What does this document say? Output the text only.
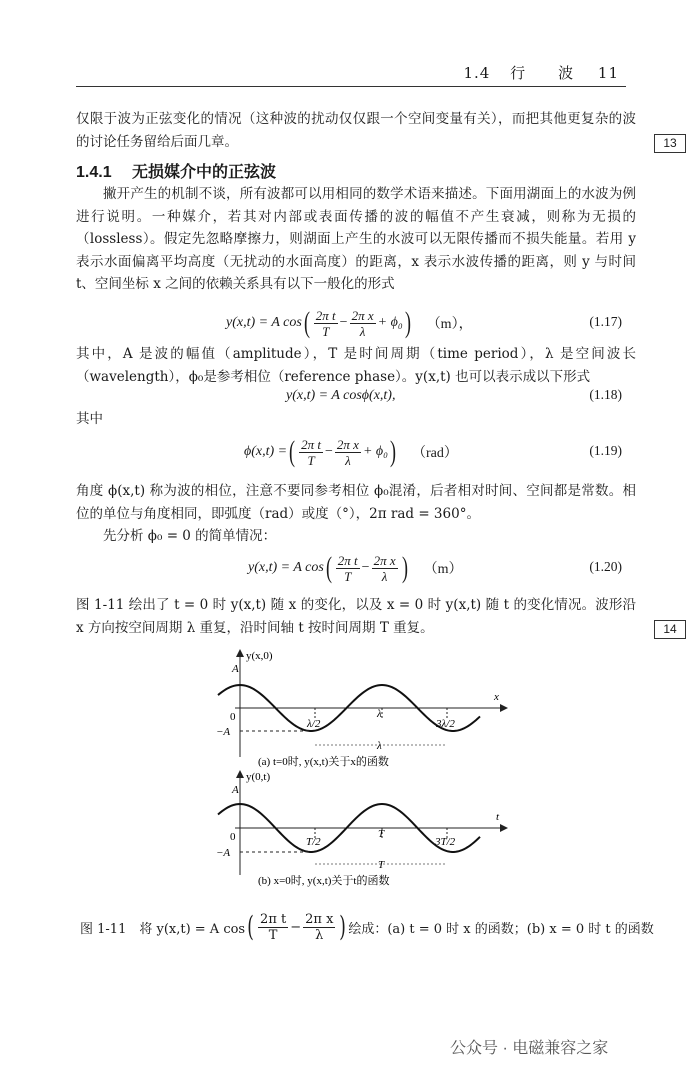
1.4 行　　波 11
仅限于波为正弦变化的情况（这种波的扰动仅仅跟一个空间变量有关），而把其他更复杂的波的讨论任务留给后面几章。	13
1.4.1 无损媒介中的正弦波
撇开产生的机制不谈，所有波都可以用相同的数学术语来描述。下面用湖面上的水波为例进行说明。一种媒介，若其对内部或表面传播的波的幅值不产生衰减，则称为无损的（lossless）。假定先忽略摩擦力，则湖面上产生的水波可以无限传播而不损失能量。若用 y 表示水面偏离平均高度（无扰动的水面高度）的距离，x 表示水波传播的距离，则 y 与时间 t、空间坐标 x 之间的依赖关系具有以下一般化的形式
y(x,t) = A cos ( $\frac{\text{2π t}}{T} - \frac{\text{2π x}}{\lambda} + \phi_0$ ) （m），	(1.17)
其中，A 是波的幅值（amplitude），T 是时间周期（time period），λ 是空间波长（wavelength），ϕ₀是参考相位（reference phase）。y(x,t) 也可以表示成以下形式
y(x,t) = A cosϕ(x,t),	(1.18)
其中
ϕ(x,t) = ( $\frac{\text{2π t}}{T} - \frac{\text{2π x}}{\lambda} + \phi_0$ ) （rad）	(1.19)
角度 ϕ(x,t) 称为波的相位，注意不要同参考相位 ϕ₀混淆，后者相对时间、空间都是常数。相位的单位与角度相同，即弧度（rad）或度（°），2π rad = 360°。
先分析 ϕ₀ = 0 的简单情况：
y(x,t) = A cos ( $\frac{\text{2π t}}{T} - \frac{\text{2π x}}{\lambda}$ ) （m）	(1.20)
图 1-11 绘出了 t = 0 时 y(x,t) 随 x 的变化，以及 x = 0 时 y(x,t) 随 t 的变化情况。波形沿 x 方向按空间周期 λ 重复，沿时间轴 t 按时间周期 T 重复。	14
A
y(x,0)
x
0
−A
λ/2
λ
3λ/2
λ
(a) t=0时, y(x,t)关于x的函数
A
y(0,t)
t
0
−A
T/2
T
3T/2
T
(b) x=0时, y(x,t)关于t的函数
图 1-11　将 y(x,t) = A cos ( $\frac{\text{2π t}}{T} - \frac{\text{2π x}}{\lambda}$ ) 绘成：(a) t = 0 时 x 的函数；(b) x = 0 时 t 的函数
公众号 · 电磁兼容之家
